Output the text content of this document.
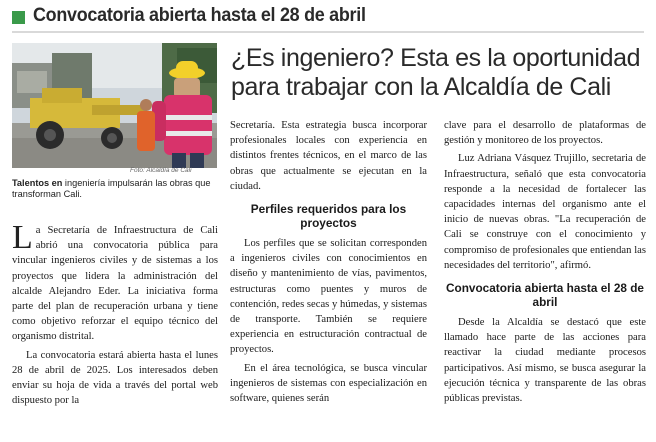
Convocatoria abierta hasta el 28 de abril
Foto: Alcaldía de Cali
Talentos en ingeniería impulsarán las obras que transforman Cali.
¿Es ingeniero? Esta es la oportunidad para trabajar con la Alcaldía de Cali

La Secretaría de Infraestructura de Cali abrió una convocatoria pública para vincular ingenieros civiles y de sistemas a los proyectos que lidera la administración del alcalde Alejandro Eder. La iniciativa forma parte del plan de recuperación urbana y tiene como objetivo reforzar el equipo técnico del organismo distrital.

La convocatoria estará abierta hasta el lunes 28 de abril de 2025. Los interesados deben enviar su hoja de vida a través del portal web dispuesto por la

Secretaría. Esta estrategia busca incorporar profesionales locales con experiencia en distintos frentes técnicos, en el marco de las obras que actualmente se ejecutan en la ciudad.

Perfiles requeridos para los proyectos

Los perfiles que se solicitan corresponden a ingenieros civiles con conocimientos en diseño y mantenimiento de vías, pavimentos, estructuras como puentes y muros de contención, redes secas y húmedas, y sistemas de transporte. También se requiere experiencia en estructuración contractual de proyectos.

En el área tecnológica, se busca vincular ingenieros de sistemas con especialización en software, quienes serán

clave para el desarrollo de plataformas de gestión y monitoreo de los proyectos.

Luz Adriana Vásquez Trujillo, secretaria de Infraestructura, señaló que esta convocatoria responde a la necesidad de fortalecer las capacidades internas del organismo ante el inicio de nuevas obras. "La recuperación de Cali se construye con el conocimiento y compromiso de profesionales que entiendan las necesidades del territorio", afirmó.

Convocatoria abierta hasta el 28 de abril

Desde la Alcaldía se destacó que este llamado hace parte de las acciones para reactivar la ciudad mediante procesos participativos. Así mismo, se busca asegurar la ejecución técnica y transparente de las obras públicas previstas.
